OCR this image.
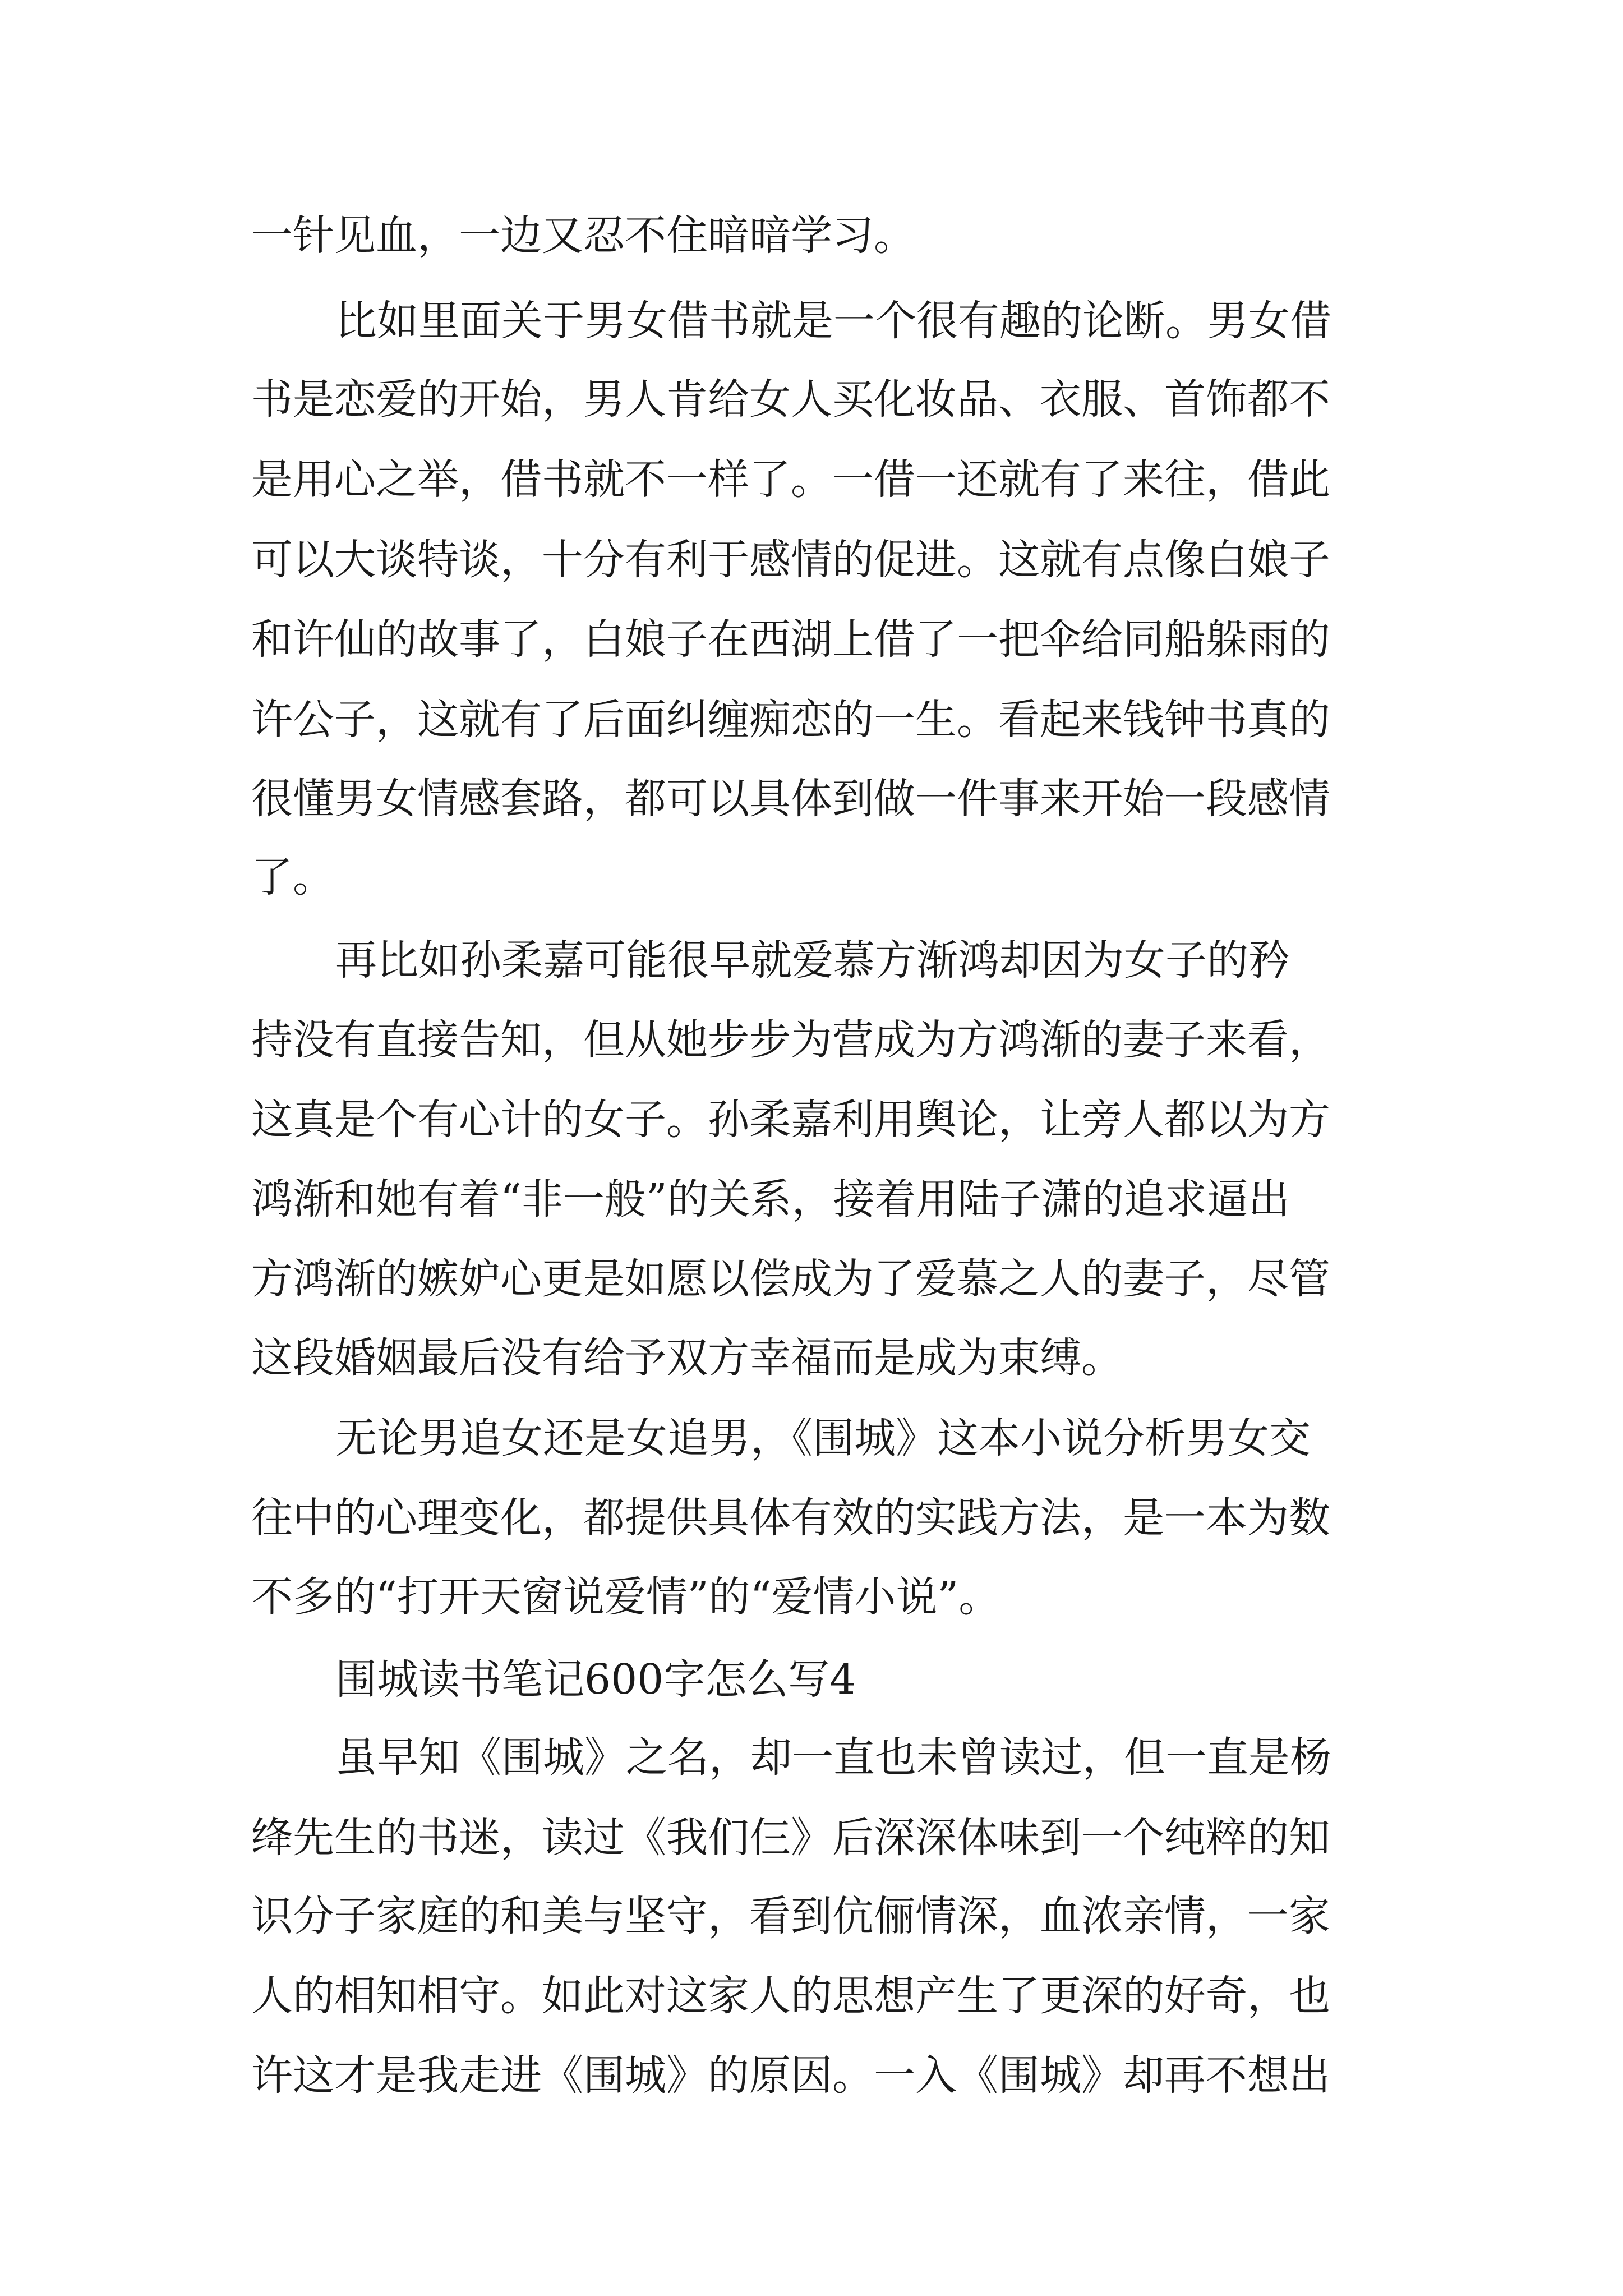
一针见血，一边又忍不住暗暗学习。

比如里面关于男女借书就是一个很有趣的论断。男女借

书是恋爱的开始，男人肯给女人买化妆品、衣服、首饰都不

是用心之举，借书就不一样了。一借一还就有了来往，借此

可以大谈特谈，十分有利于感情的促进。这就有点像白娘子

和许仙的故事了，白娘子在西湖上借了一把伞给同船躲雨的

许公子，这就有了后面纠缠痴恋的一生。看起来钱钟书真的

很懂男女情感套路，都可以具体到做一件事来开始一段感情

了。

再比如孙柔嘉可能很早就爱慕方渐鸿却因为女子的矜

持没有直接告知，但从她步步为营成为方鸿渐的妻子来看，

这真是个有心计的女子。孙柔嘉利用舆论，让旁人都以为方

鸿渐和她有着“非一般”的关系，接着用陆子潇的追求逼出

方鸿渐的嫉妒心更是如愿以偿成为了爱慕之人的妻子，尽管

这段婚姻最后没有给予双方幸福而是成为束缚。

无论男追女还是女追男，《围城》这本小说分析男女交

往中的心理变化，都提供具体有效的实践方法，是一本为数

不多的“打开天窗说爱情”的“爱情小说”。

围城读书笔记600字怎么写4

虽早知《围城》之名，却一直也未曾读过，但一直是杨

绛先生的书迷，读过《我们仨》后深深体味到一个纯粹的知

识分子家庭的和美与坚守，看到伉俪情深，血浓亲情，一家

人的相知相守。如此对这家人的思想产生了更深的好奇，也

许这才是我走进《围城》的原因。一入《围城》却再不想出
